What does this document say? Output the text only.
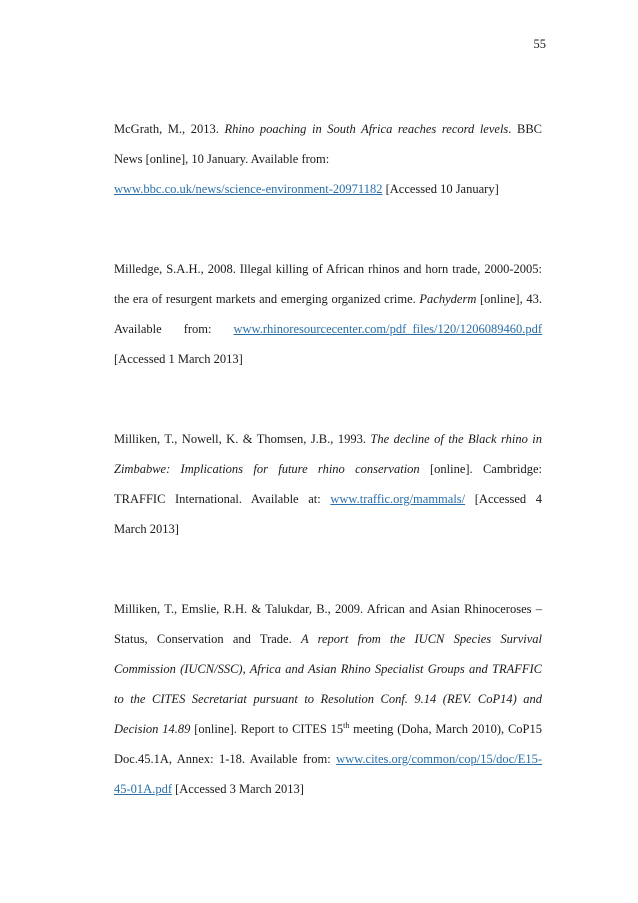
55
McGrath, M., 2013. Rhino poaching in South Africa reaches record levels. BBC
News [online], 10 January. Available from:
www.bbc.co.uk/news/science-environment-20971182 [Accessed 10 January]
Milledge, S.A.H., 2008. Illegal killing of African rhinos and horn trade, 2000-2005:
the era of resurgent markets and emerging organized crime. Pachyderm [online], 43.
Available from: www.rhinoresourcecenter.com/pdf_files/120/1206089460.pdf
[Accessed 1 March 2013]
Milliken, T., Nowell, K. & Thomsen, J.B., 1993. The decline of the Black rhino in
Zimbabwe: Implications for future rhino conservation [online]. Cambridge:
TRAFFIC International. Available at: www.traffic.org/mammals/ [Accessed 4
March 2013]
Milliken, T., Emslie, R.H. & Talukdar, B., 2009. African and Asian Rhinoceroses –
Status, Conservation and Trade. A report from the IUCN Species Survival
Commission (IUCN/SSC), Africa and Asian Rhino Specialist Groups and TRAFFIC
to the CITES Secretariat pursuant to Resolution Conf. 9.14 (REV. CoP14) and
Decision 14.89 [online]. Report to CITES 15th meeting (Doha, March 2010), CoP15
Doc.45.1A, Annex: 1-18. Available from: www.cites.org/common/cop/15/doc/E15-
45-01A.pdf [Accessed 3 March 2013]
